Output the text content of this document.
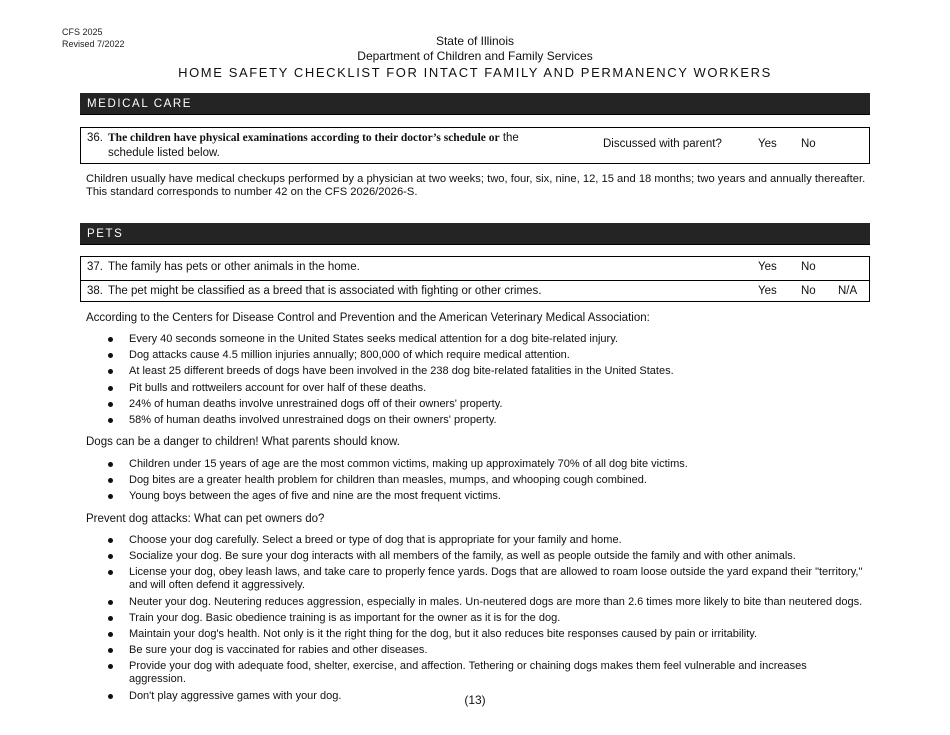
CFS 2025
Revised 7/2022	State of Illinois
Department of Children and Family Services
HOME SAFETY CHECKLIST FOR INTACT FAMILY AND PERMANENCY WORKERS
MEDICAL CARE
36. The children have physical examinations according to their doctor’s schedule or the
schedule listed below.
Discussed with parent?	Yes No
Children usually have medical checkups performed by a physician at two weeks; two, four, six, nine, 12, 15 and 18 months; two years and annually thereafter. This standard corresponds to number 42 on the CFS 2026/2026-S.
PETS
37. The family has pets or other animals in the home.	Yes No
38. The pet might be classified as a breed that is associated with fighting or other crimes.	Yes No N/A
According to the Centers for Disease Control and Prevention and the American Veterinary Medical Association:
Every 40 seconds someone in the United States seeks medical attention for a dog bite-related injury.
Dog attacks cause 4.5 million injuries annually; 800,000 of which require medical attention.
At least 25 different breeds of dogs have been involved in the 238 dog bite-related fatalities in the United States.
Pit bulls and rottweilers account for over half of these deaths.
24% of human deaths involve unrestrained dogs off of their owners' property.
58% of human deaths involved unrestrained dogs on their owners' property.
Dogs can be a danger to children! What parents should know.
Children under 15 years of age are the most common victims, making up approximately 70% of all dog bite victims.
Dog bites are a greater health problem for children than measles, mumps, and whooping cough combined.
Young boys between the ages of five and nine are the most frequent victims.
Prevent dog attacks: What can pet owners do?
Choose your dog carefully. Select a breed or type of dog that is appropriate for your family and home.
Socialize your dog. Be sure your dog interacts with all members of the family, as well as people outside the family and with other animals.
License your dog, obey leash laws, and take care to properly fence yards. Dogs that are allowed to roam loose outside the yard expand their "territory," and will often defend it aggressively.
Neuter your dog. Neutering reduces aggression, especially in males. Un-neutered dogs are more than 2.6 times more likely to bite than neutered dogs.
Train your dog. Basic obedience training is as important for the owner as it is for the dog.
Maintain your dog's health. Not only is it the right thing for the dog, but it also reduces bite responses caused by pain or irritability.
Be sure your dog is vaccinated for rabies and other diseases.
Provide your dog with adequate food, shelter, exercise, and affection. Tethering or chaining dogs makes them feel vulnerable and increases aggression.
Don't play aggressive games with your dog.	(13)
